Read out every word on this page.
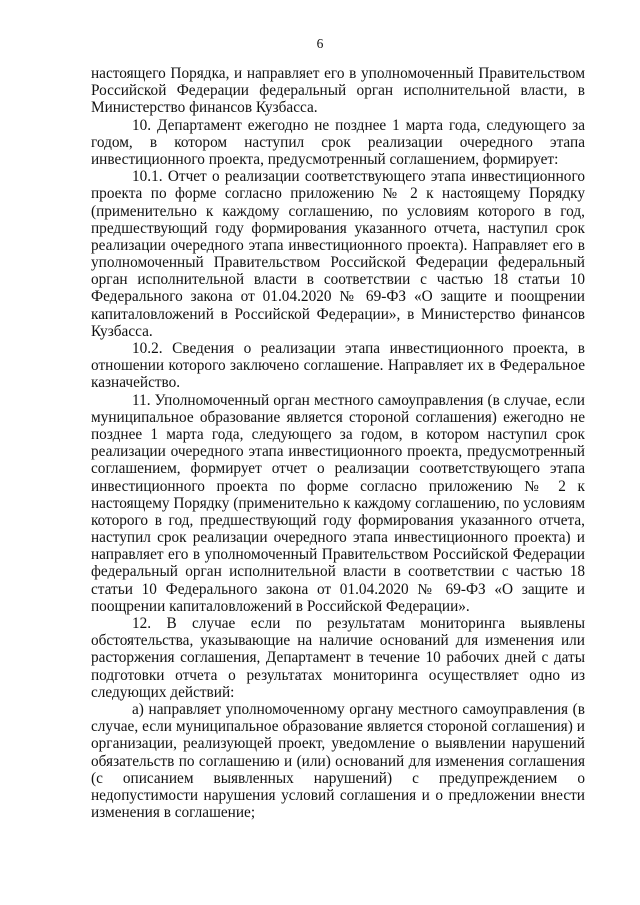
6
настоящего Порядка, и направляет его в уполномоченный Правительством
Российской Федерации федеральный орган исполнительной власти, в
Министерство финансов Кузбасса.
10. Департамент ежегодно не позднее 1 марта года, следующего за
годом, в котором наступил срок реализации очередного этапа
инвестиционного проекта, предусмотренный соглашением, формирует:
10.1. Отчет о реализации соответствующего этапа инвестиционного
проекта по форме согласно приложению № 2 к настоящему Порядку
(применительно к каждому соглашению, по условиям которого в год,
предшествующий году формирования указанного отчета, наступил срок
реализации очередного этапа инвестиционного проекта). Направляет его в
уполномоченный Правительством Российской Федерации федеральный
орган исполнительной власти в соответствии с частью 18 статьи 10
Федерального закона от 01.04.2020 № 69-ФЗ «О защите и поощрении
капиталовложений в Российской Федерации», в Министерство финансов
Кузбасса.
10.2. Сведения о реализации этапа инвестиционного проекта, в
отношении которого заключено соглашение. Направляет их в Федеральное
казначейство.
11. Уполномоченный орган местного самоуправления (в случае, если
муниципальное образование является стороной соглашения) ежегодно не
позднее 1 марта года, следующего за годом, в котором наступил срок
реализации очередного этапа инвестиционного проекта, предусмотренный
соглашением, формирует отчет о реализации соответствующего этапа
инвестиционного проекта по форме согласно приложению № 2 к
настоящему Порядку (применительно к каждому соглашению, по условиям
которого в год, предшествующий году формирования указанного отчета,
наступил срок реализации очередного этапа инвестиционного проекта) и
направляет его в уполномоченный Правительством Российской Федерации
федеральный орган исполнительной власти в соответствии с частью 18
статьи 10 Федерального закона от 01.04.2020 № 69-ФЗ «О защите и
поощрении капиталовложений в Российской Федерации».
12. В случае если по результатам мониторинга выявлены
обстоятельства, указывающие на наличие оснований для изменения или
расторжения соглашения, Департамент в течение 10 рабочих дней с даты
подготовки отчета о результатах мониторинга осуществляет одно из
следующих действий:
а) направляет уполномоченному органу местного самоуправления (в
случае, если муниципальное образование является стороной соглашения) и
организации, реализующей проект, уведомление о выявлении нарушений
обязательств по соглашению и (или) оснований для изменения соглашения
(с описанием выявленных нарушений) с предупреждением о
недопустимости нарушения условий соглашения и о предложении внести
изменения в соглашение;
